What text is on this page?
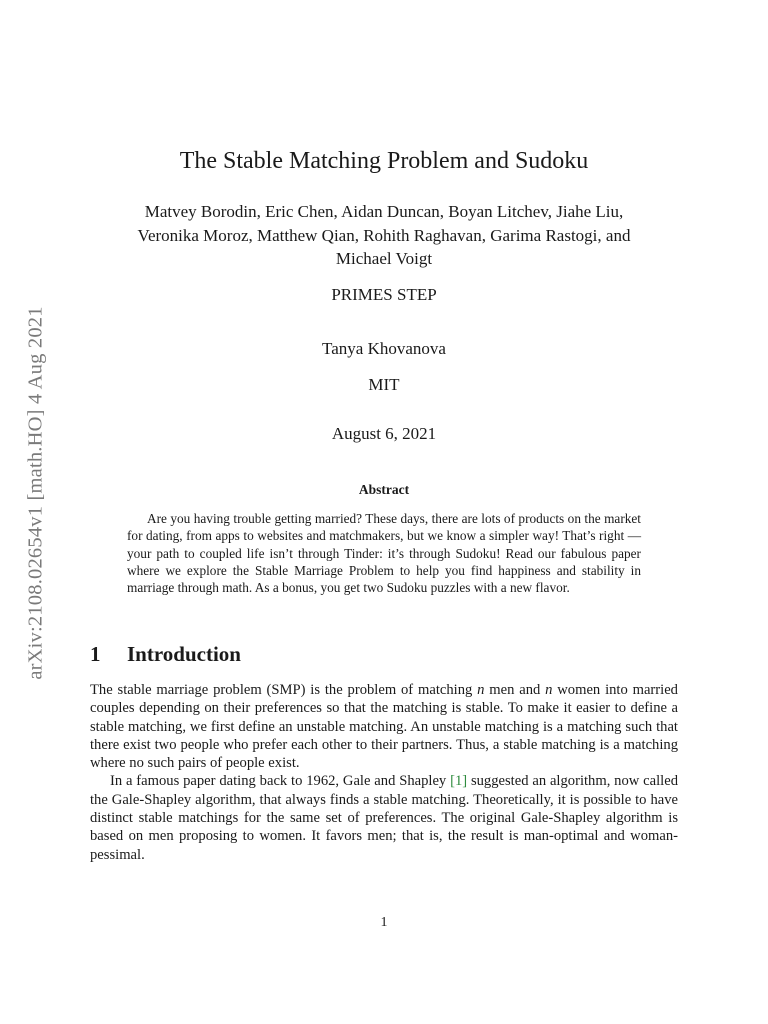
arXiv:2108.02654v1 [math.HO] 4 Aug 2021
The Stable Matching Problem and Sudoku
Matvey Borodin, Eric Chen, Aidan Duncan, Boyan Litchev, Jiahe Liu,
Veronika Moroz, Matthew Qian, Rohith Raghavan, Garima Rastogi, and
Michael Voigt
PRIMES STEP
Tanya Khovanova
MIT
August 6, 2021
Abstract
Are you having trouble getting married? These days, there are lots of products on the market for dating, from apps to websites and matchmakers, but we know a simpler way! That’s right — your path to coupled life isn’t through Tinder: it’s through Sudoku! Read our fabulous paper where we explore the Stable Marriage Problem to help you find happiness and stability in marriage through math. As a bonus, you get two Sudoku puzzles with a new flavor.
1 Introduction

The stable marriage problem (SMP) is the problem of matching n men and n women into married couples depending on their preferences so that the matching is stable. To make it easier to define a stable matching, we first define an unstable matching. An unstable matching is a matching such that there exist two people who prefer each other to their partners. Thus, a stable matching is a matching where no such pairs of people exist.

In a famous paper dating back to 1962, Gale and Shapley [1] suggested an algorithm, now called the Gale-Shapley algorithm, that always finds a stable matching. Theoretically, it is possible to have distinct stable matchings for the same set of preferences. The original Gale-Shapley algorithm is based on men proposing to women. It favors men; that is, the result is man-optimal and woman-pessimal.

1
